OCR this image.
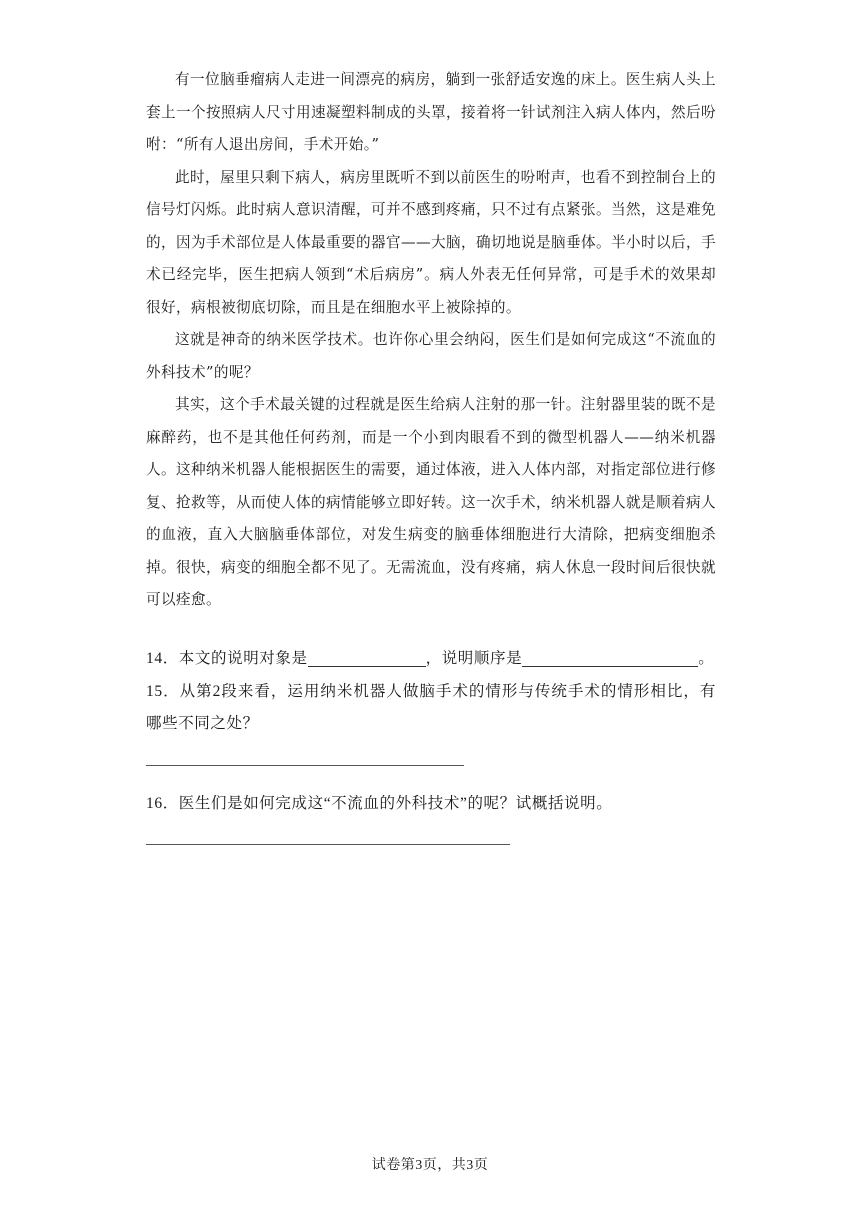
有一位脑垂瘤病人走进一间漂亮的病房，躺到一张舒适安逸的床上。医生病人头上套上一个按照病人尺寸用速凝塑料制成的头罩，接着将一针试剂注入病人体内，然后吩咐：“所有人退出房间，手术开始。”

此时，屋里只剩下病人，病房里既听不到以前医生的吩咐声，也看不到控制台上的信号灯闪烁。此时病人意识清醒，可并不感到疼痛，只不过有点紧张。当然，这是难免的，因为手术部位是人体最重要的器官——大脑，确切地说是脑垂体。半小时以后，手术已经完毕，医生把病人领到“术后病房”。病人外表无任何异常，可是手术的效果却很好，病根被彻底切除，而且是在细胞水平上被除掉的。

这就是神奇的纳米医学技术。也许你心里会纳闷，医生们是如何完成这“不流血的外科技术”的呢？

其实，这个手术最关键的过程就是医生给病人注射的那一针。注射器里装的既不是麻醉药，也不是其他任何药剂，而是一个小到肉眼看不到的微型机器人——纳米机器人。这种纳米机器人能根据医生的需要，通过体液，进入人体内部，对指定部位进行修复、抢救等，从而使人体的病情能够立即好转。这一次手术，纳米机器人就是顺着病人的血液，直入大脑脑垂体部位，对发生病变的脑垂体细胞进行大清除，把病变细胞杀掉。很快，病变的细胞全都不见了。无需流血，没有疼痛，病人休息一段时间后很快就可以痊愈。

14．本文的说明对象是	，说明顺序是	。

15．从第2段来看，运用纳米机器人做脑手术的情形与传统手术的情形相比，有哪些不同之处？

16．医生们是如何完成这“不流血的外科技术”的呢？试概括说明。

试卷第3页，共3页
